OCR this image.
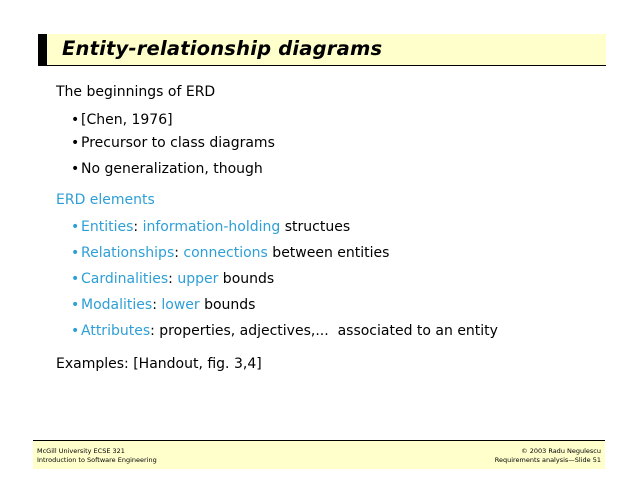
Entity-relationship diagrams
The beginnings of ERD
• [Chen, 1976]
• Precursor to class diagrams
• No generalization, though
ERD elements
• Entities: information-holding structues
• Relationships: connections between entities
• Cardinalities: upper bounds
• Modalities: lower bounds
• Attributes: properties, adjectives,...  associated to an entity
Examples: [Handout, fig. 3,4]
McGill University ECSE 321
Introduction to Software Engineering
© 2003 Radu Negulescu
Requirements analysis—Slide 51
